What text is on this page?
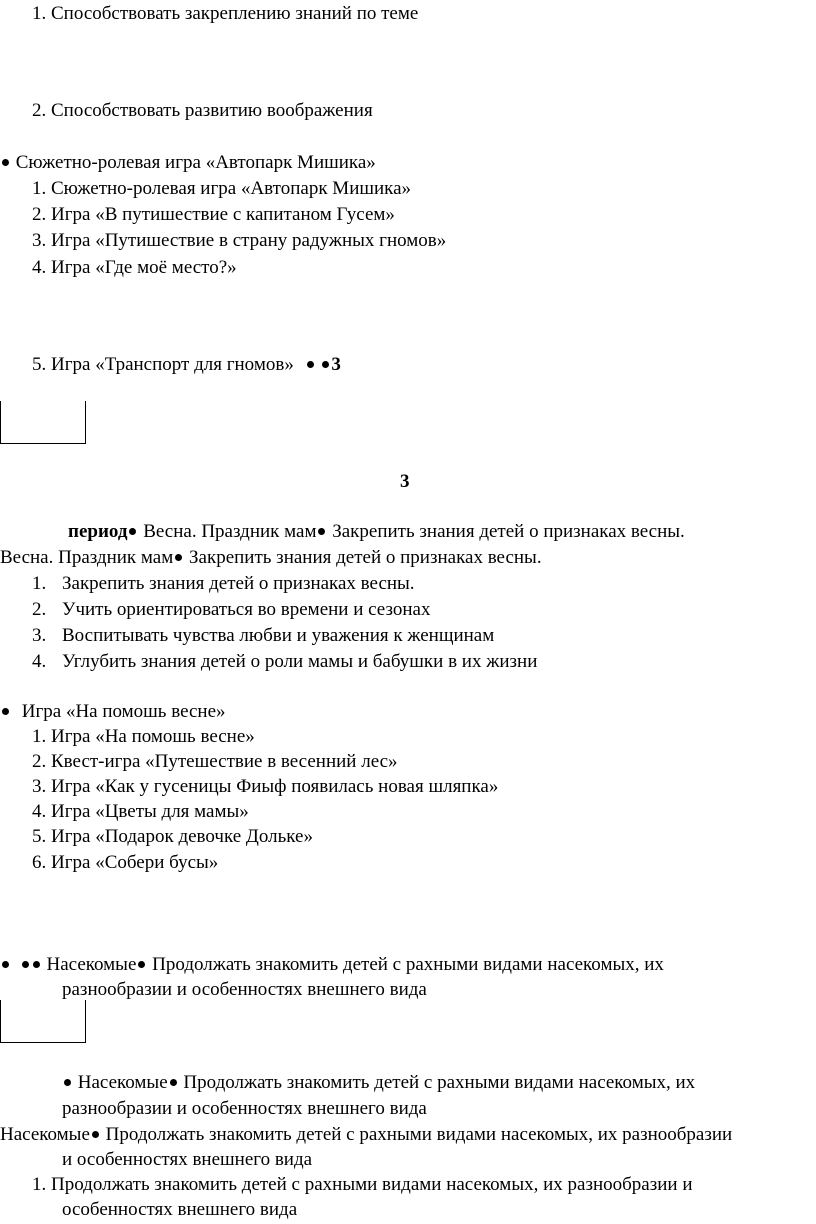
1. Способствовать закреплению знаний по теме
2. Способствовать развитию воображения
Сюжетно-ролевая игра «Автопарк Мишика»
1. Сюжетно-ролевая игра «Автопарк Мишика»
2. Игра «В путишествие с капитаном Гусем»
3. Игра «Путишествие в страну радужных гномов»
4. Игра «Где моё место?»
5. Игра «Транспорт для гномов» 3
3
период Весна. Праздник мам Закрепить знания детей о признаках весны.
Весна. Праздник мам Закрепить знания детей о признаках весны.
1. Закрепить знания детей о признаках весны.
2. Учить ориентироваться во времени и сезонах
3. Воспитывать чувства любви и уважения к женщинам
4. Углубить знания детей о роли мамы и бабушки в их жизни
Игра «На помошь весне»
1. Игра «На помошь весне»
2. Квест-игра «Путешествие в весенний лес»
3. Игра «Как у гусеницы Фиыф появилась новая шляпка»
4. Игра «Цветы для мамы»
5. Игра «Подарок девочке Дольке»
6. Игра «Собери бусы»
Насекомые Продолжать знакомить детей с рахными видами насекомых, их
разнообразии и особенностях внешнего вида
Насекомые Продолжать знакомить детей с рахными видами насекомых, их
разнообразии и особенностях внешнего вида
Насекомые Продолжать знакомить детей с рахными видами насекомых, их разнообразии
и особенностях внешнего вида
1. Продолжать знакомить детей с рахными видами насекомых, их разнообразии и
особенностях внешнего вида
